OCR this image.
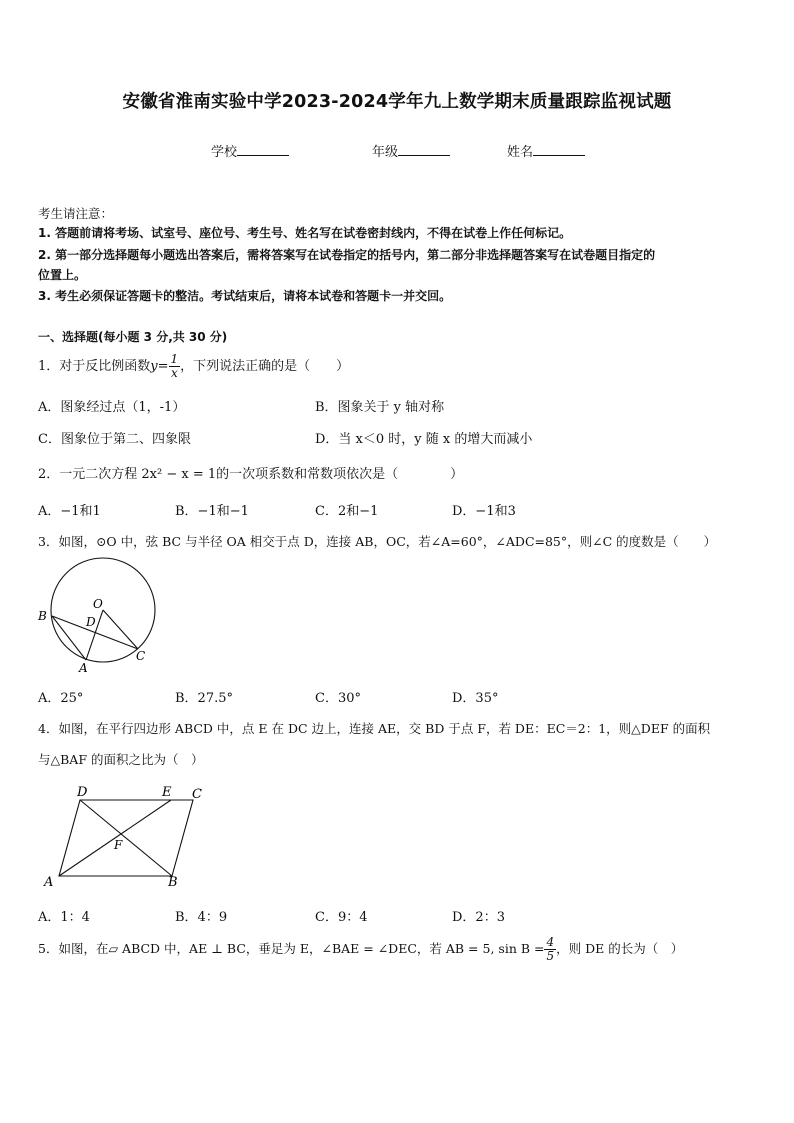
安徽省淮南实验中学2023-2024学年九上数学期末质量跟踪监视试题
学校	年级	姓名
考生请注意：
1. 答题前请将考场、试室号、座位号、考生号、姓名写在试卷密封线内，不得在试卷上作任何标记。
2. 第一部分选择题每小题选出答案后，需将答案写在试卷指定的括号内，第二部分非选择题答案写在试卷题目指定的
位置上。
3. 考生必须保证答题卡的整洁。考试结束后，请将本试卷和答题卡一并交回。
一、选择题(每小题 3 分,共 30 分)
1．对于反比例函数$y= \frac{1}{x}$ ，下列说法正确的是（　　）
A．图象经过点（1，-1）	B．图象关于 y 轴对称
C．图象位于第二、四象限	D．当 x＜0 时，y 随 x 的增大而减小
2．一元二次方程 2x² − x = 1的一次项系数和常数项依次是（　　　　）
A．−1和1	B．−1和−1	C．2和−1	D．−1和3
3．如图，⊙O 中，弦 BC 与半径 OA 相交于点 D，连接 AB，OC，若∠A=60°，∠ADC=85°，则∠C 的度数是（　　）
O
B	D
A
C
A．25°	B．27.5°	C．30°	D．35°
4．如图，在平行四边形 ABCD 中，点 E 在 DC 边上，连接 AE，交 BD 于点 F，若 DE：EC＝2：1，则△DEF 的面积
与△BAF 的面积之比为（　）
D	E C
F
A	B
A．1：4	B．4：9	C．9：4	D．2：3
5．如图，在▱ ABCD 中，AE ⊥ BC，垂足为 E，∠BAE = ∠DEC，若 AB = 5, $\sin B = \frac{4}{5}$ ，则 DE 的长为（　）
